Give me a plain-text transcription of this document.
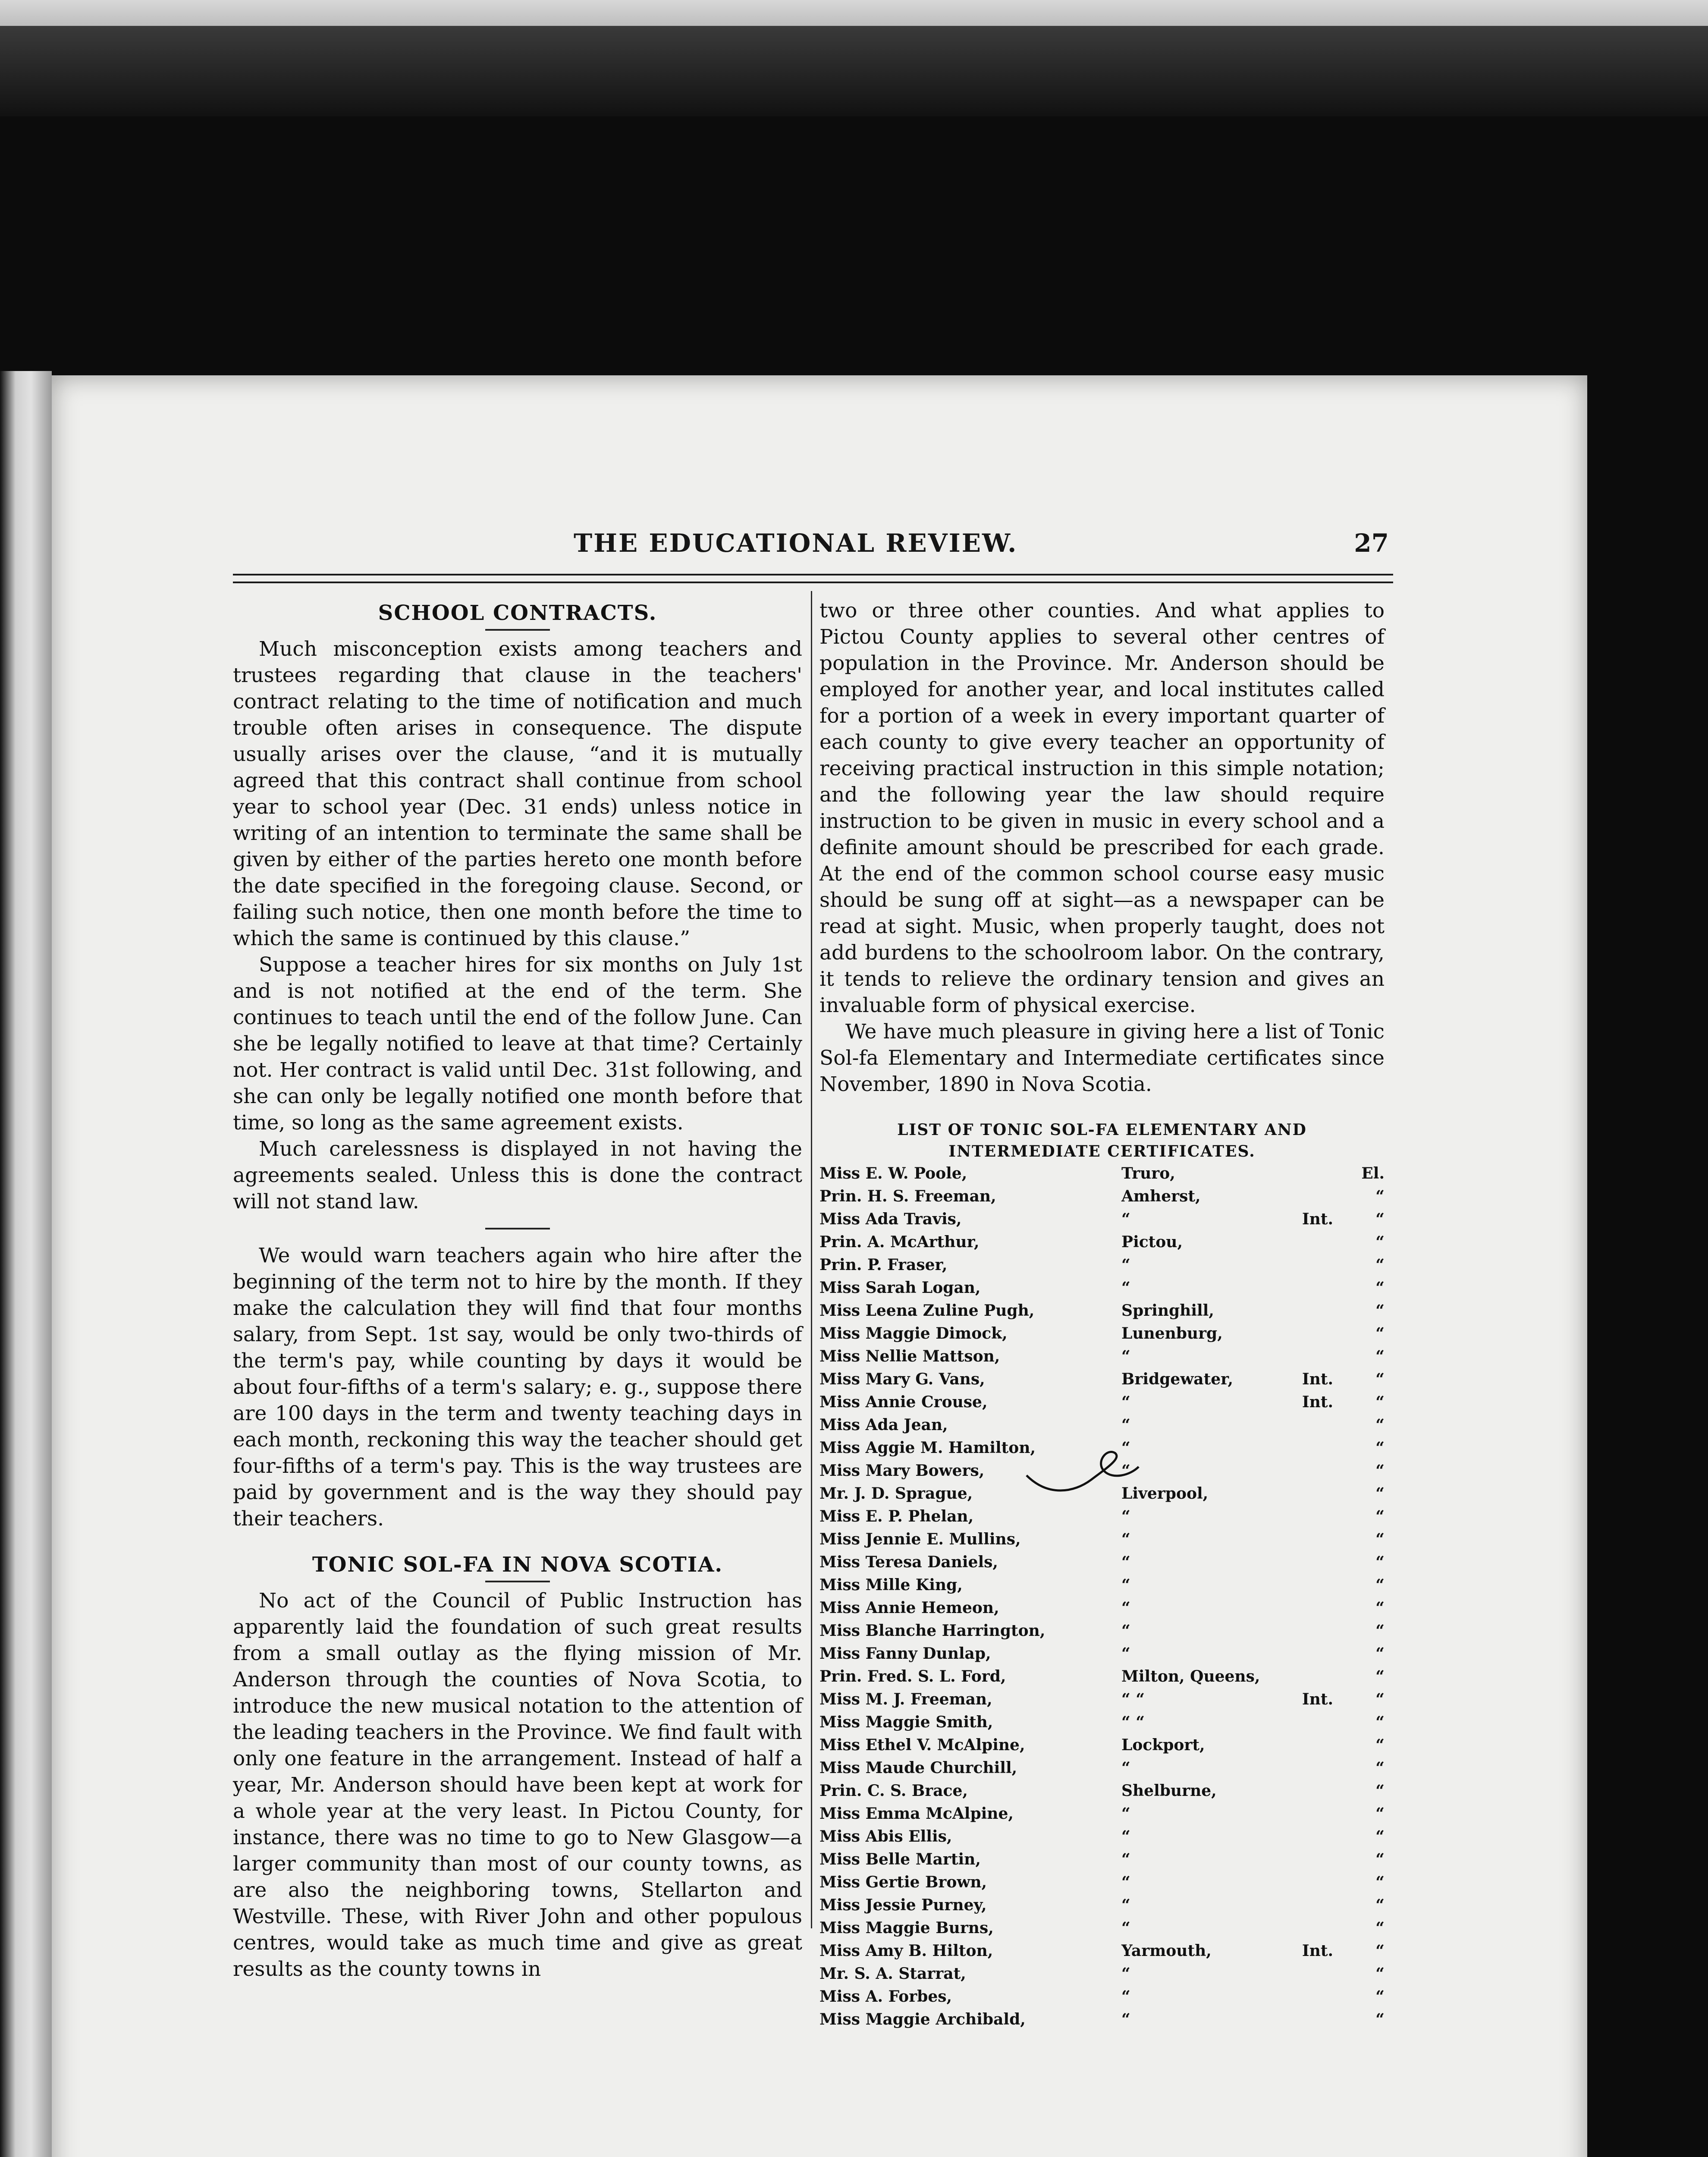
THE EDUCATIONAL REVIEW.	27
SCHOOL CONTRACTS.

Much misconception exists among teachers and trustees regarding that clause in the teachers' contract relating to the time of notification and much trouble often arises in consequence. The dispute usually arises over the clause, “and it is mutually agreed that this contract shall continue from school year to school year (Dec. 31 ends) unless notice in writing of an intention to terminate the same shall be given by either of the parties hereto one month before the date specified in the foregoing clause. Second, or failing such notice, then one month before the time to which the same is continued by this clause.”

Suppose a teacher hires for six months on July 1st and is not notified at the end of the term. She continues to teach until the end of the follow June. Can she be legally notified to leave at that time? Certainly not. Her contract is valid until Dec. 31st following, and she can only be legally notified one month before that time, so long as the same agreement exists.

Much carelessness is displayed in not having the agreements sealed. Unless this is done the contract will not stand law.

We would warn teachers again who hire after the beginning of the term not to hire by the month. If they make the calculation they will find that four months salary, from Sept. 1st say, would be only two-thirds of the term's pay, while counting by days it would be about four-fifths of a term's salary; e. g., suppose there are 100 days in the term and twenty teaching days in each month, reckoning this way the teacher should get four-fifths of a term's pay. This is the way trustees are paid by government and is the way they should pay their teachers.

TONIC SOL-FA IN NOVA SCOTIA.

No act of the Council of Public Instruction has apparently laid the foundation of such great results from a small outlay as the flying mission of Mr. Anderson through the counties of Nova Scotia, to introduce the new musical notation to the attention of the leading teachers in the Province. We find fault with only one feature in the arrangement. Instead of half a year, Mr. Anderson should have been kept at work for a whole year at the very least. In Pictou County, for instance, there was no time to go to New Glasgow—a larger community than most of our county towns, as are also the neighboring towns, Stellarton and Westville. These, with River John and other populous centres, would take as much time and give as great results as the county towns in

two or three other counties. And what applies to Pictou County applies to several other centres of population in the Province. Mr. Anderson should be employed for another year, and local institutes called for a portion of a week in every important quarter of each county to give every teacher an opportunity of receiving practical instruction in this simple notation; and the following year the law should require instruction to be given in music in every school and a definite amount should be prescribed for each grade. At the end of the common school course easy music should be sung off at sight—as a newspaper can be read at sight. Music, when properly taught, does not add burdens to the schoolroom labor. On the contrary, it tends to relieve the ordinary tension and gives an invaluable form of physical exercise.

We have much pleasure in giving here a list of Tonic Sol-fa Elementary and Intermediate certificates since November, 1890 in Nova Scotia.

LIST OF TONIC SOL-FA ELEMENTARY AND INTERMEDIATE CERTIFICATES.
Miss E. W. Poole,	Truro,	El.
Prin. H. S. Freeman,	Amherst,	“
Miss Ada Travis,	“	Int.	“
Prin. A. McArthur,	Pictou,	“
Prin. P. Fraser,	“	“
Miss Sarah Logan,	“	“
Miss Leena Zuline Pugh,	Springhill,	“
Miss Maggie Dimock,	Lunenburg,	“
Miss Nellie Mattson,	“	“
Miss Mary G. Vans,	Bridgewater,	Int.	“
Miss Annie Crouse,	“	Int.	“
Miss Ada Jean,	“	“
Miss Aggie M. Hamilton,	“	“
Miss Mary Bowers,	“	“
Mr. J. D. Sprague,	Liverpool,	“
Miss E. P. Phelan,	“	“
Miss Jennie E. Mullins,	“	“
Miss Teresa Daniels,	“	“
Miss Mille King,	“	“
Miss Annie Hemeon,	“	“
Miss Blanche Harrington,	“	“
Miss Fanny Dunlap,	“	“
Prin. Fred. S. L. Ford,	Milton, Queens,	“
Miss M. J. Freeman,	“ “	Int.	“
Miss Maggie Smith,	“ “	“
Miss Ethel V. McAlpine,	Lockport,	“
Miss Maude Churchill,	“	“
Prin. C. S. Brace,	Shelburne,	“
Miss Emma McAlpine,	“	“
Miss Abis Ellis,	“	“
Miss Belle Martin,	“	“
Miss Gertie Brown,	“	“
Miss Jessie Purney,	“	“
Miss Maggie Burns,	“	“
Miss Amy B. Hilton,	Yarmouth,	Int.	“
Mr. S. A. Starrat,	“	“
Miss A. Forbes,	“	“
Miss Maggie Archibald,	“	“
